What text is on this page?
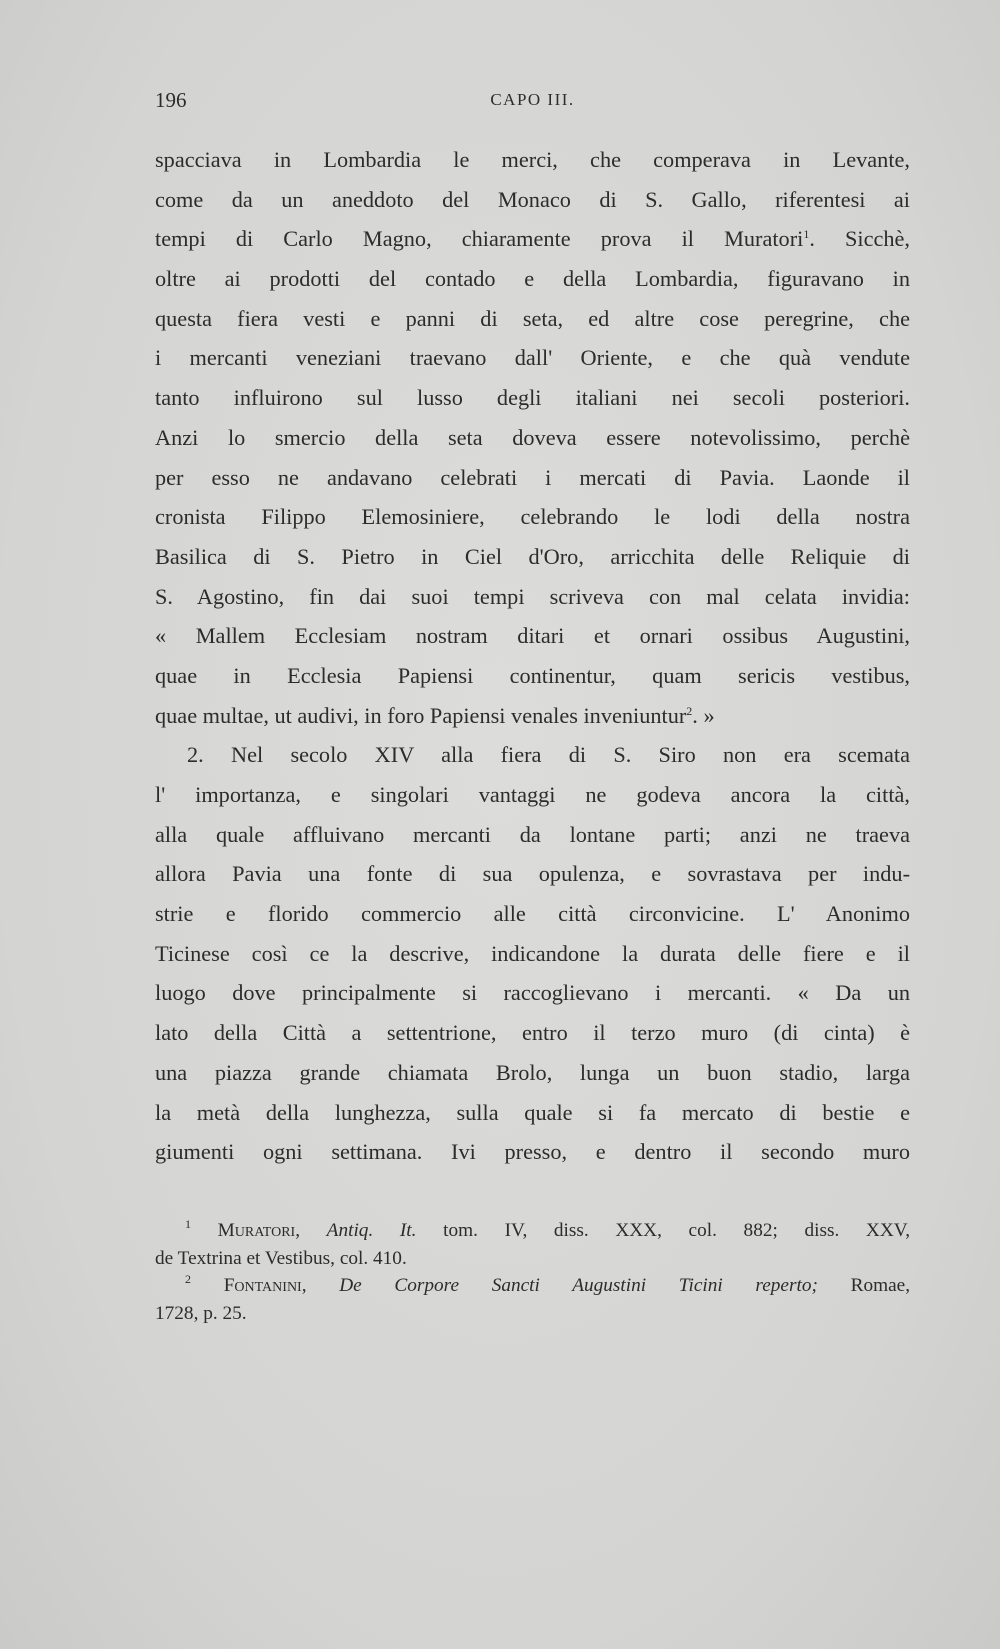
196	CAPO III.
spacciava in Lombardia le merci, che comperava in Levante,
come da un aneddoto del Monaco di S. Gallo, riferentesi ai
tempi di Carlo Magno, chiaramente prova il Muratori$^1$. Sicchè,
oltre ai prodotti del contado e della Lombardia, figuravano in
questa fiera vesti e panni di seta, ed altre cose peregrine, che
i mercanti veneziani traevano dall' Oriente, e che quà vendute
tanto influirono sul lusso degli italiani nei secoli posteriori.
Anzi lo smercio della seta doveva essere notevolissimo, perchè
per esso ne andavano celebrati i mercati di Pavia. Laonde il
cronista Filippo Elemosiniere, celebrando le lodi della nostra
Basilica di S. Pietro in Ciel d'Oro, arricchita delle Reliquie di
S. Agostino, fin dai suoi tempi scriveva con mal celata invidia:
« Mallem Ecclesiam nostram ditari et ornari ossibus Augustini,
quae in Ecclesia Papiensi continentur, quam sericis vestibus,
quae multae, ut audivi, in foro Papiensi venales inveniuntur$^2$. »
2. Nel secolo XIV alla fiera di S. Siro non era scemata
l' importanza, e singolari vantaggi ne godeva ancora la città,
alla quale affluivano mercanti da lontane parti; anzi ne traeva
allora Pavia una fonte di sua opulenza, e sovrastava per indu-
strie e florido commercio alle città circonvicine. L' Anonimo
Ticinese così ce la descrive, indicandone la durata delle fiere e il
luogo dove principalmente si raccoglievano i mercanti. « Da un
lato della Città a settentrione, entro il terzo muro (di cinta) è
una piazza grande chiamata Brolo, lunga un buon stadio, larga
la metà della lunghezza, sulla quale si fa mercato di bestie e
giumenti ogni settimana. Ivi presso, e dentro il secondo muro
$^1$ Muratori, Antiq. It. tom. IV, diss. XXX, col. 882; diss. XXV,
de Textrina et Vestibus, col. 410.
$^2$ Fontanini, De Corpore Sancti Augustini Ticini reperto; Romae,
1728, p. 25.
